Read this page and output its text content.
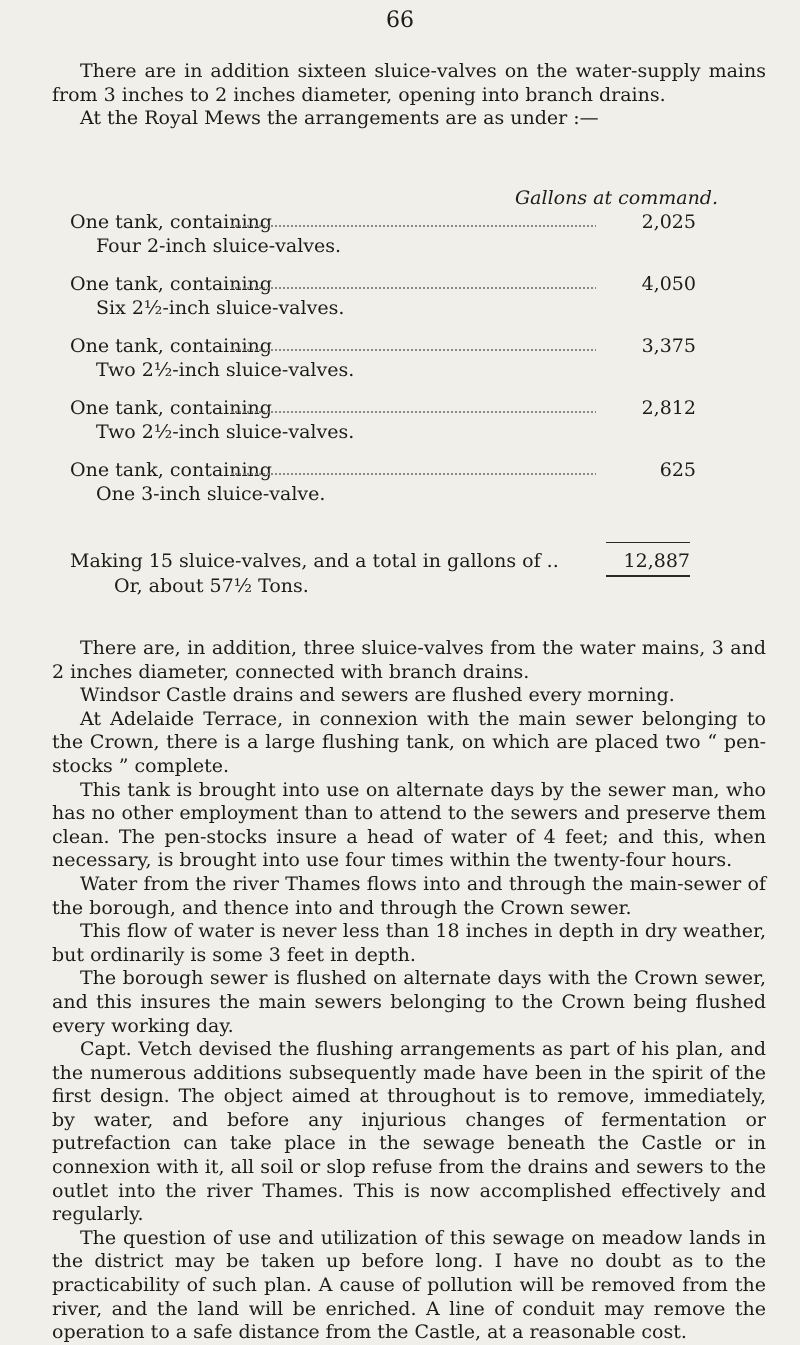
66

There are in addition sixteen sluice-valves on the water-supply mains from 3 inches to 2 inches diameter, opening into branch drains.

At the Royal Mews the arrangements are as under :—

Gallons at command.
One tank, containing	2,025
Four 2-inch sluice-valves.
One tank, containing	4,050
Six 2½-inch sluice-valves.
One tank, containing	3,375
Two 2½-inch sluice-valves.
One tank, containing	2,812
Two 2½-inch sluice-valves.
One tank, containing	625
One 3-inch sluice-valve.
Making 15 sluice-valves, and a total in gallons of ..	12,887
Or, about 57½ Tons.

There are, in addition, three sluice-valves from the water mains, 3 and 2 inches diameter, connected with branch drains.

Windsor Castle drains and sewers are flushed every morning.

At Adelaide Terrace, in connexion with the main sewer belonging to the Crown, there is a large flushing tank, on which are placed two “ pen-stocks ” complete.

This tank is brought into use on alternate days by the sewer man, who has no other employment than to attend to the sewers and preserve them clean. The pen-stocks insure a head of water of 4 feet; and this, when necessary, is brought into use four times within the twenty-four hours.

Water from the river Thames flows into and through the main-sewer of the borough, and thence into and through the Crown sewer.

This flow of water is never less than 18 inches in depth in dry weather, but ordinarily is some 3 feet in depth.

The borough sewer is flushed on alternate days with the Crown sewer, and this insures the main sewers belonging to the Crown being flushed every working day.

Capt. Vetch devised the flushing arrangements as part of his plan, and the numerous additions subsequently made have been in the spirit of the first design. The object aimed at throughout is to remove, immediately, by water, and before any injurious changes of fermentation or putrefaction can take place in the sewage beneath the Castle or in connexion with it, all soil or slop refuse from the drains and sewers to the outlet into the river Thames. This is now accomplished effectively and regularly.

The question of use and utilization of this sewage on meadow lands in the district may be taken up before long. I have no doubt as to the practicability of such plan. A cause of pollution will be removed from the river, and the land will be enriched. A line of conduit may remove the operation to a safe distance from the Castle, at a reasonable cost.
